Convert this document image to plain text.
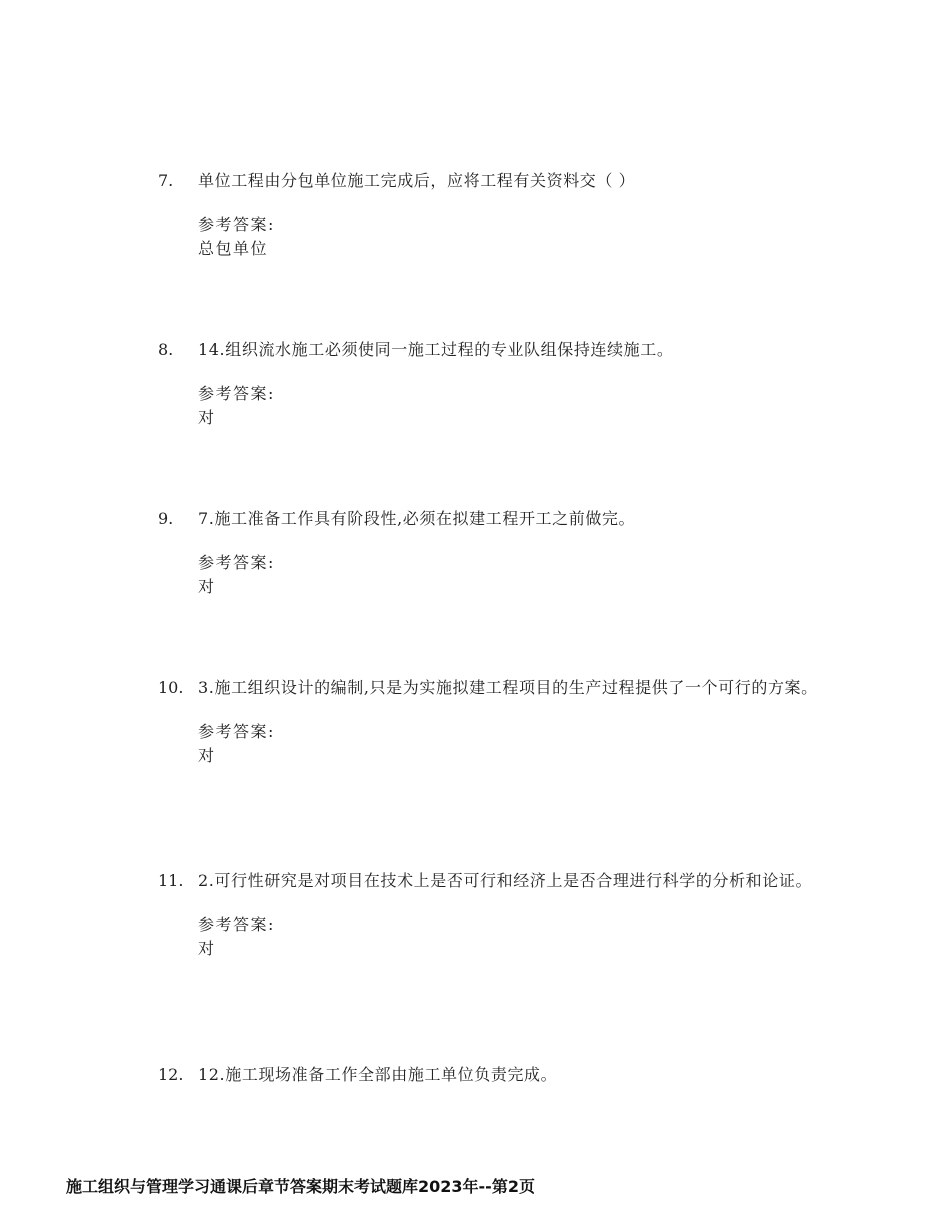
7.	单位工程由分包单位施工完成后，应将工程有关资料交（ ）
参考答案:
总包单位
8.	14.组织流水施工必须使同一施工过程的专业队组保持连续施工。
参考答案:
对
9.	7.施工准备工作具有阶段性,必须在拟建工程开工之前做完。
参考答案:
对
10. 3.施工组织设计的编制,只是为实施拟建工程项目的生产过程提供了一个可行的方案。
参考答案:
对
11. 2.可行性研究是对项目在技术上是否可行和经济上是否合理进行科学的分析和论证。
参考答案:
对
12. 12.施工现场准备工作全部由施工单位负责完成。
施工组织与管理学习通课后章节答案期末考试题库2023年--第2页
